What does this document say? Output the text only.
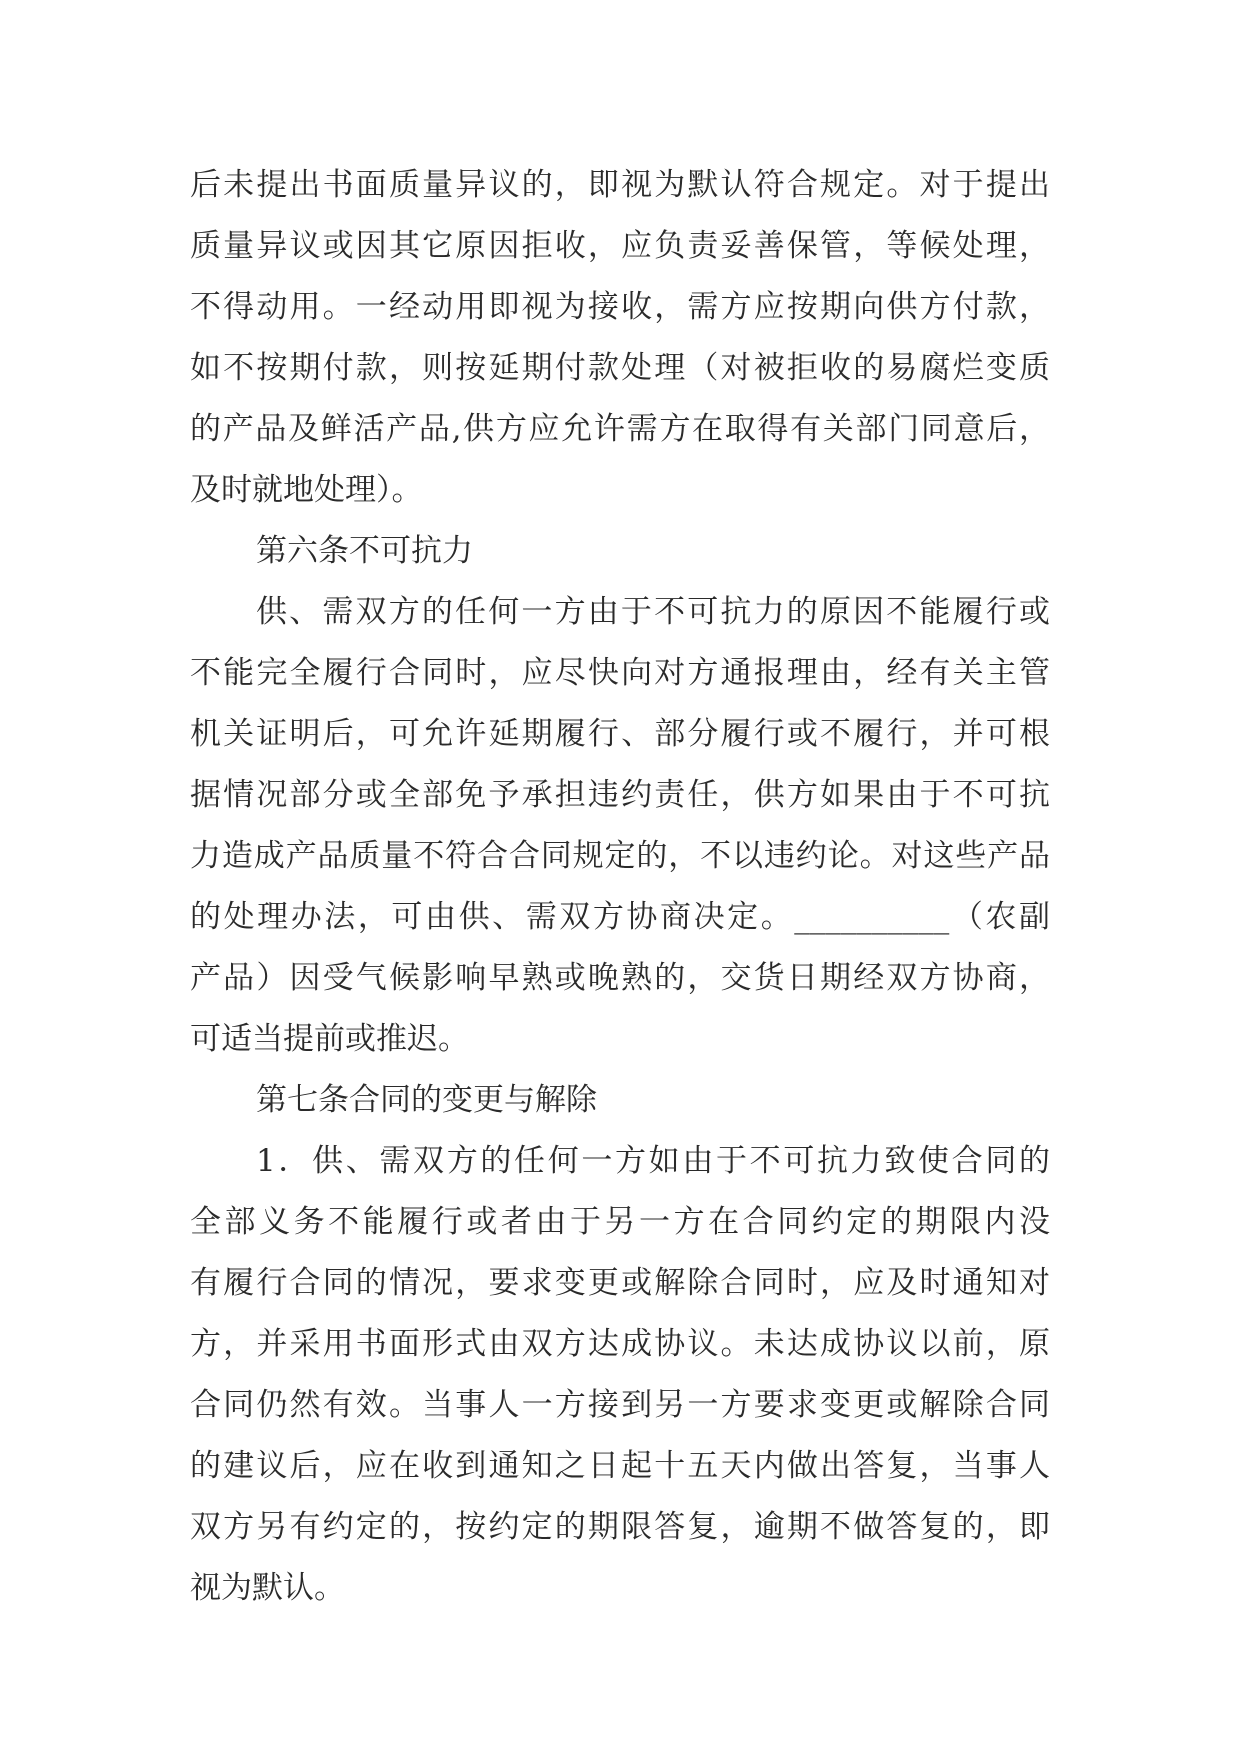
后未提出书面质量异议的，即视为默认符合规定。对于提出
质量异议或因其它原因拒收，应负责妥善保管，等候处理，
不得动用。一经动用即视为接收，需方应按期向供方付款，
如不按期付款，则按延期付款处理（对被拒收的易腐烂变质
的产品及鲜活产品,供方应允许需方在取得有关部门同意后，
及时就地处理）。
第六条不可抗力
供、需双方的任何一方由于不可抗力的原因不能履行或
不能完全履行合同时，应尽快向对方通报理由，经有关主管
机关证明后，可允许延期履行、部分履行或不履行，并可根
据情况部分或全部免予承担违约责任，供方如果由于不可抗
力造成产品质量不符合合同规定的，不以违约论。对这些产品
的处理办法，可由供、需双方协商决定。__________（农副
产品）因受气候影响早熟或晚熟的，交货日期经双方协商，
可适当提前或推迟。
第七条合同的变更与解除
1．供、需双方的任何一方如由于不可抗力致使合同的
全部义务不能履行或者由于另一方在合同约定的期限内没
有履行合同的情况，要求变更或解除合同时，应及时通知对
方，并采用书面形式由双方达成协议。未达成协议以前，原
合同仍然有效。当事人一方接到另一方要求变更或解除合同
的建议后，应在收到通知之日起十五天内做出答复，当事人
双方另有约定的，按约定的期限答复，逾期不做答复的，即
视为默认。
